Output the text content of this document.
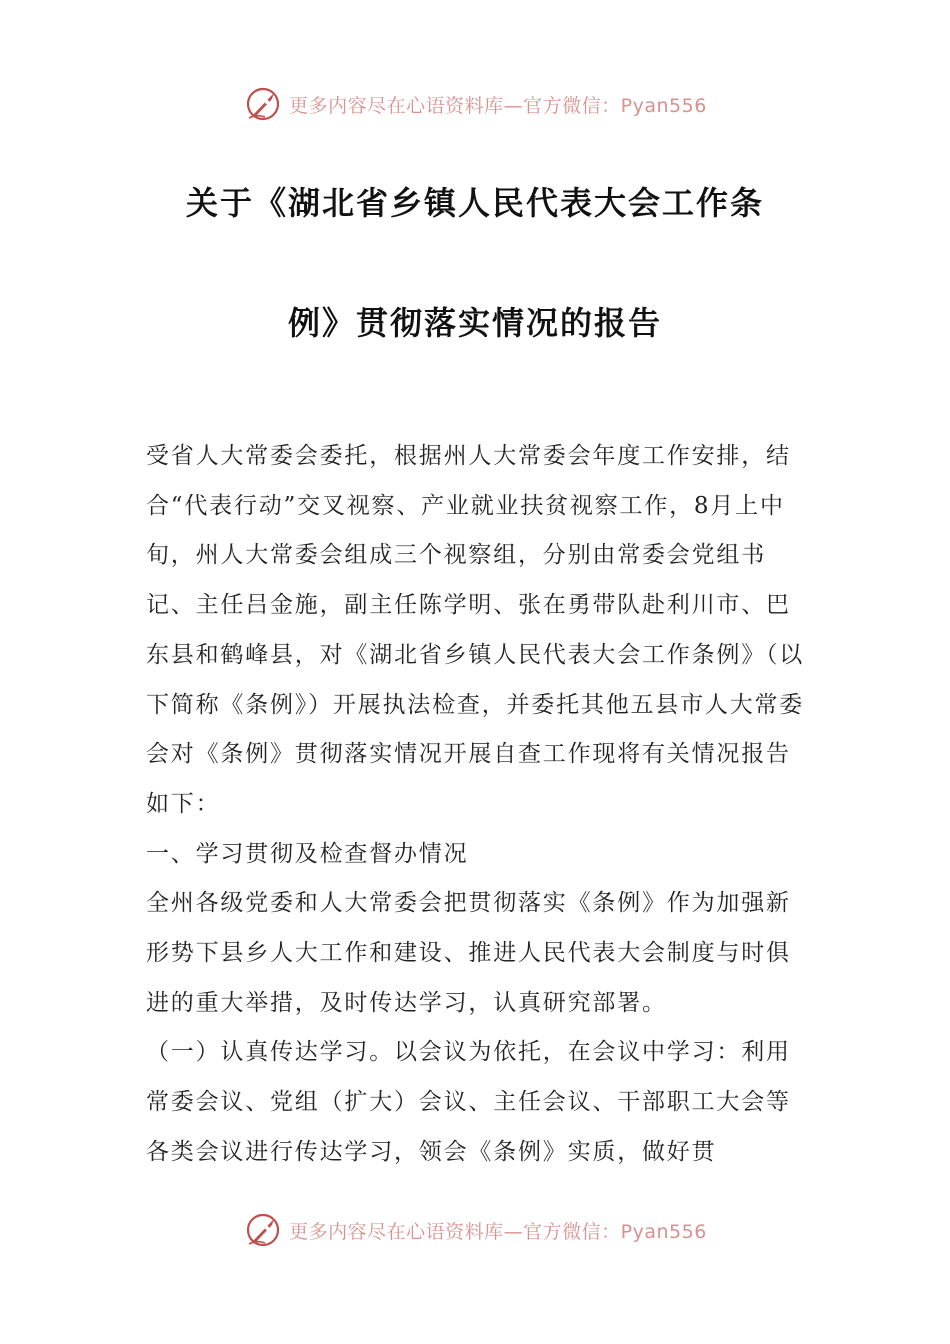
更多内容尽在心语资料库—官方微信：Pyan556
关于《湖北省乡镇人民代表大会工作条
例》贯彻落实情况的报告

受省人大常委会委托，根据州人大常委会年度工作安排，结合“代表行动”交叉视察、产业就业扶贫视察工作，8月上中旬，州人大常委会组成三个视察组，分别由常委会党组书记、主任吕金施，副主任陈学明、张在勇带队赴利川市、巴东县和鹤峰县，对《湖北省乡镇人民代表大会工作条例》（以下简称《条例》）开展执法检查，并委托其他五县市人大常委会对《条例》贯彻落实情况开展自查工作现将有关情况报告如下：

一、学习贯彻及检查督办情况

全州各级党委和人大常委会把贯彻落实《条例》作为加强新形势下县乡人大工作和建设、推进人民代表大会制度与时俱进的重大举措，及时传达学习，认真研究部署。

（一）认真传达学习。以会议为依托，在会议中学习：利用常委会议、党组（扩大）会议、主任会议、干部职工大会等各类会议进行传达学习，领会《条例》实质，做好贯

更多内容尽在心语资料库—官方微信：Pyan556
